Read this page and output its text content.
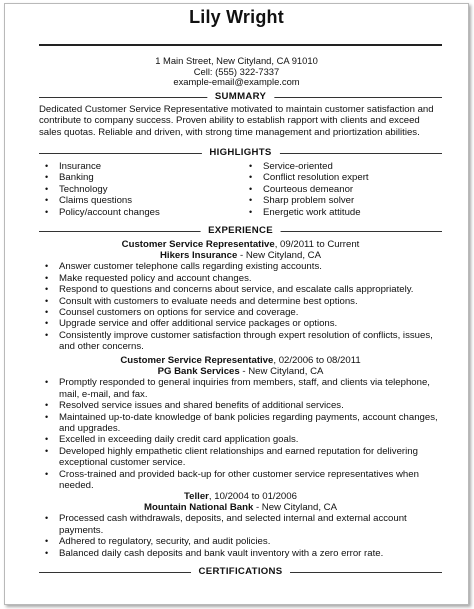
Lily Wright
1 Main Street, New Cityland, CA 91010
Cell: (555) 322-7337
example-email@example.com
SUMMARY
Dedicated Customer Service Representative motivated to maintain customer satisfaction and contribute to company success. Proven ability to establish rapport with clients and exceed sales quotas. Reliable and driven, with strong time management and priortization abilities.
HIGHLIGHTS
• Insurance
• Banking
• Technology
• Claims questions
• Policy/account changes
• Service-oriented
• Conflict resolution expert
• Courteous demeanor
• Sharp problem solver
• Energetic work attitude
EXPERIENCE
Customer Service Representative, 09/2011 to Current
Hikers Insurance - New Cityland, CA
• Answer customer telephone calls regarding existing accounts.
• Make requested policy and account changes.
• Respond to questions and concerns about service, and escalate calls appropriately.
• Consult with customers to evaluate needs and determine best options.
• Counsel customers on options for service and coverage.
• Upgrade service and offer additional service packages or options.
• Consistently improve customer satisfaction through expert resolution of conflicts, issues, and other concerns.
Customer Service Representative, 02/2006 to 08/2011
PG Bank Services - New Cityland, CA
• Promptly responded to general inquiries from members, staff, and clients via telephone, mail, e-mail, and fax.
• Resolved service issues and shared benefits of additional services.
• Maintained up-to-date knowledge of bank policies regarding payments, account changes, and upgrades.
• Excelled in exceeding daily credit card application goals.
• Developed highly empathetic client relationships and earned reputation for delivering exceptional customer service.
• Cross-trained and provided back-up for other customer service representatives when needed.
Teller, 10/2004 to 01/2006
Mountain National Bank - New Cityland, CA
• Processed cash withdrawals, deposits, and selected internal and external account payments.
• Adhered to regulatory, security, and audit policies.
• Balanced daily cash deposits and bank vault inventory with a zero error rate.
CERTIFICATIONS
